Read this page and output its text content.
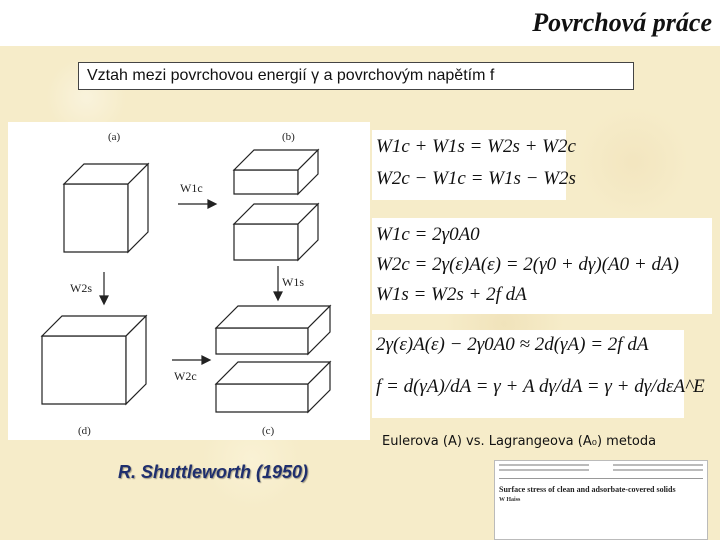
Povrchová práce
Vztah mezi povrchovou energií γ a povrchovým napětím f
(a)	(b)
(c)
(d)
W1c
W1s
W2s
W2c
W1c + W1s = W2s + W2c
W2c − W1c = W1s − W2s
W1c = 2γ0A0
W2c = 2γ(ε)A(ε) = 2(γ0 + dγ)(A0 + dA)
W1s = W2s + 2f dA
2γ(ε)A(ε) − 2γ0A0 ≈ 2d(γA) = 2f dA
f = d(γA)/dA = γ + A dγ/dA = γ + dγ/dεA^E
Eulerova (A) vs. Lagrangeova (A₀) metoda
R. Shuttleworth (1950)
Surface stress of clean and adsorbate-covered solids
W Haiss
